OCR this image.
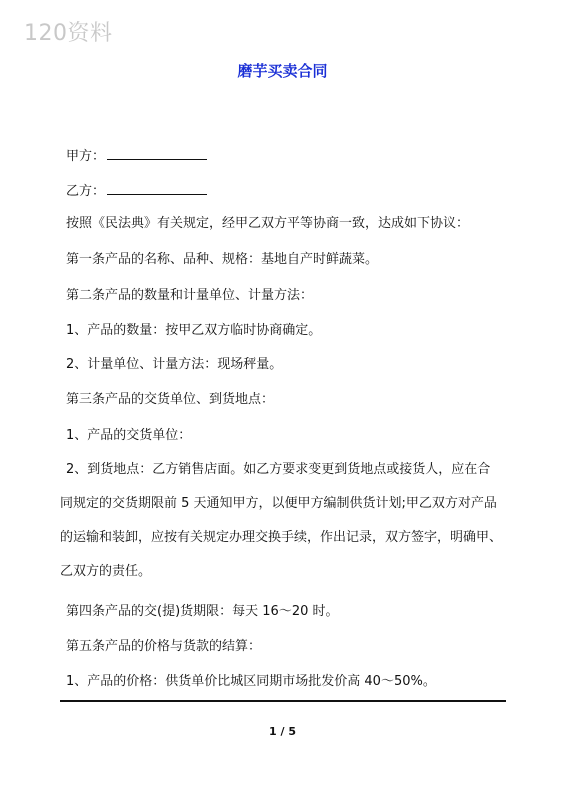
120资料
磨芋买卖合同
甲方：
乙方：
按照《民法典》有关规定，经甲乙双方平等协商一致，达成如下协议：
第一条产品的名称、品种、规格：基地自产时鲜蔬菜。
第二条产品的数量和计量单位、计量方法：
1、产品的数量：按甲乙双方临时协商确定。
2、计量单位、计量方法：现场秤量。
第三条产品的交货单位、到货地点：
1、产品的交货单位：
2、到货地点：乙方销售店面。如乙方要求变更到货地点或接货人，应在合
同规定的交货期限前 5 天通知甲方，以便甲方编制供货计划;甲乙双方对产品
的运输和装卸，应按有关规定办理交换手续，作出记录，双方签字，明确甲、
乙双方的责任。
第四条产品的交(提)货期限：每天 16～20 时。
第五条产品的价格与货款的结算：
1、产品的价格：供货单价比城区同期市场批发价高 40～50%。
1 / 5
